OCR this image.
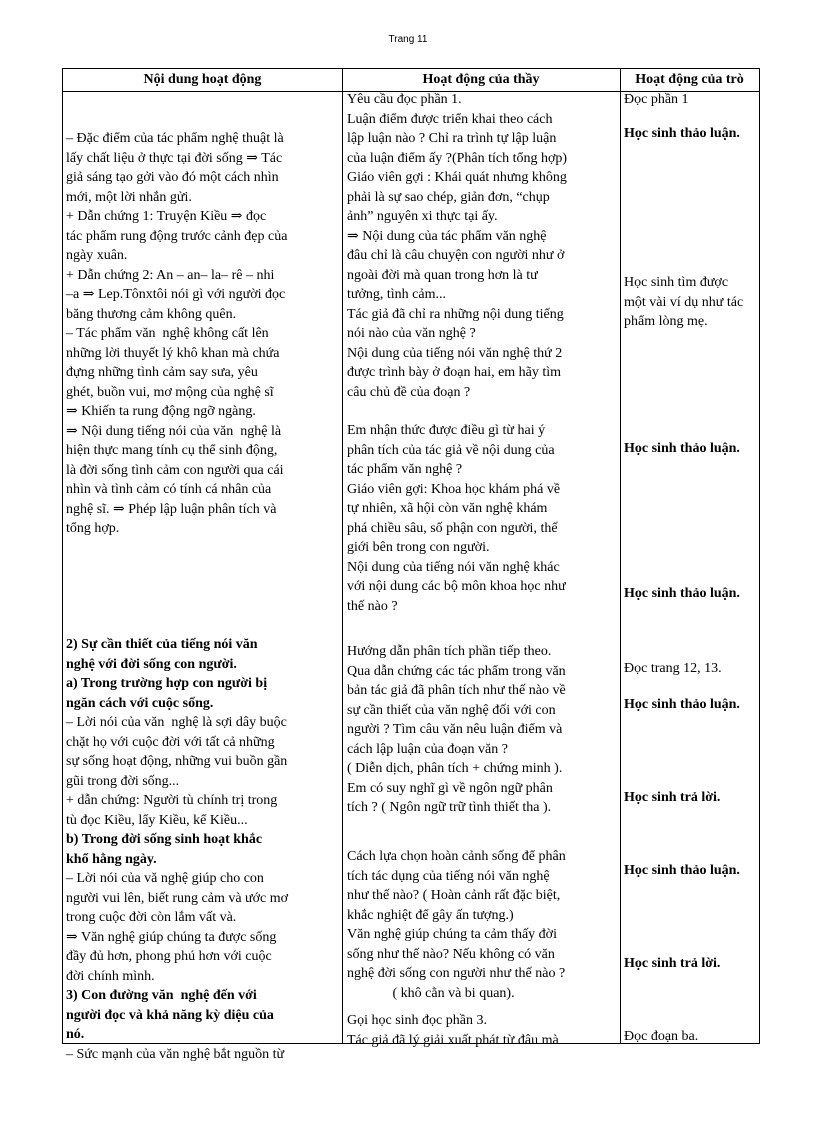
Trang 11
Nội dung hoạt động	Hoạt động của thầy	Hoạt động của trò
– Đặc điểm của tác phẩm nghệ thuật là
lấy chất liệu ở thực tại đời sống ⇒ Tác
giả sáng tạo gởi vào đó một cách nhìn
mới, một lời nhắn gửi.
+ Dẫn chứng 1: Truyện Kiều ⇒ đọc
tác phẩm rung động trước cảnh đẹp của
ngày xuân.
+ Dẫn chứng 2: An – an– la– rê – nhi
–a ⇒ Lep.Tônxtôi nói gì với người đọc
băng thương cảm không quên.
– Tác phẩm văn  nghệ không cất lên
những lời thuyết lý khô khan mà chứa
đựng những tình cảm say sưa, yêu
ghét, buồn vui, mơ mộng của nghệ sĩ
⇒ Khiến ta rung động ngỡ ngàng.
⇒ Nội dung tiếng nói của văn  nghệ là
hiện thực mang tính cụ thể sinh động,
là đời sống tình cảm con người qua cái
nhìn và tình cảm có tính cá nhân của
nghệ sĩ. ⇒ Phép lập luận phân tích và
tổng hợp.
2) Sự cần thiết của tiếng nói văn
nghệ với đời sống con người.
a) Trong trường hợp con người bị
ngăn cách với cuộc sống.
– Lời nói của văn  nghệ là sợi dây buộc
chặt họ với cuộc đời với tất cả những
sự sống hoạt động, những vui buồn gần
gũi trong đời sống...
+ dẫn chứng: Người tù chính trị trong
tù đọc Kiều, lẩy Kiều, kể Kiều...
b) Trong đời sống sinh hoạt khắc
khổ hằng ngày.
– Lời nói của vă nghệ giúp cho con
người vui lên, biết rung cảm và ước mơ
trong cuộc đời còn lắm vất và.
⇒ Văn nghệ giúp chúng ta được sống
đầy đủ hơn, phong phú hơn với cuộc
đời chính mình.
3) Con đường văn  nghệ đến với
người đọc và khả năng kỳ diệu của
nó.
– Sức mạnh của văn nghệ bắt nguồn từ
Yêu cầu đọc phần 1.
Luận điểm được triển khai theo cách
lập luận nào ? Chỉ ra trình tự lập luận
của luận điểm ấy ?(Phân tích tổng hợp)
Giáo viên gợi : Khái quát nhưng không
phải là sự sao chép, giản đơn, “chụp
ảnh” nguyên xi thực tại ấy.
⇒ Nội dung của tác phẩm văn nghệ
đâu chỉ là câu chuyện con người như ở
ngoài đời mà quan trong hơn là tư
tưởng, tình cảm...
Tác giả đã chỉ ra những nội dung tiếng
nói nào của văn nghệ ?
Nội dung của tiếng nói văn nghệ thứ 2
được trình bày ở đoạn hai, em hãy tìm
câu chủ đề của đoạn ?
Em nhận thức được điều gì từ hai ý
phân tích của tác giả về nội dung của
tác phẩm văn nghệ ?
Giáo viên gợi: Khoa học khám phá về
tự nhiên, xã hội còn văn nghệ khám
phá chiều sâu, số phận con người, thế
giới bên trong con người.
Nội dung của tiếng nói văn nghệ khác
với nội dung các bộ môn khoa học như
thế nào ?
Hướng dẫn phân tích phần tiếp theo.
Qua dẫn chứng các tác phẩm trong văn
bản tác giả đã phân tích như thế nào về
sự cần thiết của văn nghệ đối với con
người ? Tìm câu văn nêu luận điểm và
cách lập luận của đoạn văn ?
( Diễn dịch, phân tích + chứng minh ).
Em có suy nghĩ gì về ngôn ngữ phân
tích ? ( Ngôn ngữ trữ tình thiết tha ).
Cách lựa chọn hoàn cảnh sống để phân
tích tác dụng của tiếng nói văn nghệ
như thế nào? ( Hoàn cảnh rất đặc biệt,
khắc nghiệt để gây ấn tượng.)
Văn nghệ giúp chúng ta cảm thấy đời
sống như thế nào? Nếu không có văn
nghệ đời sống con người như thế nào ?
( khô cằn và bi quan).
Gọi học sinh đọc phần 3.
Tác giả đã lý giải xuất phát từ đâu mà
Đọc phần 1
Học sinh thảo luận.
Học sinh tìm được
một vài ví dụ như tác
phẩm lòng mẹ.
Học sinh thảo luận.
Học sinh thảo luận.
Đọc trang 12, 13.
Học sinh thảo luận.
Học sinh trả lời.
Học sinh thảo luận.
Học sinh trả lời.
Đọc đoạn ba.
